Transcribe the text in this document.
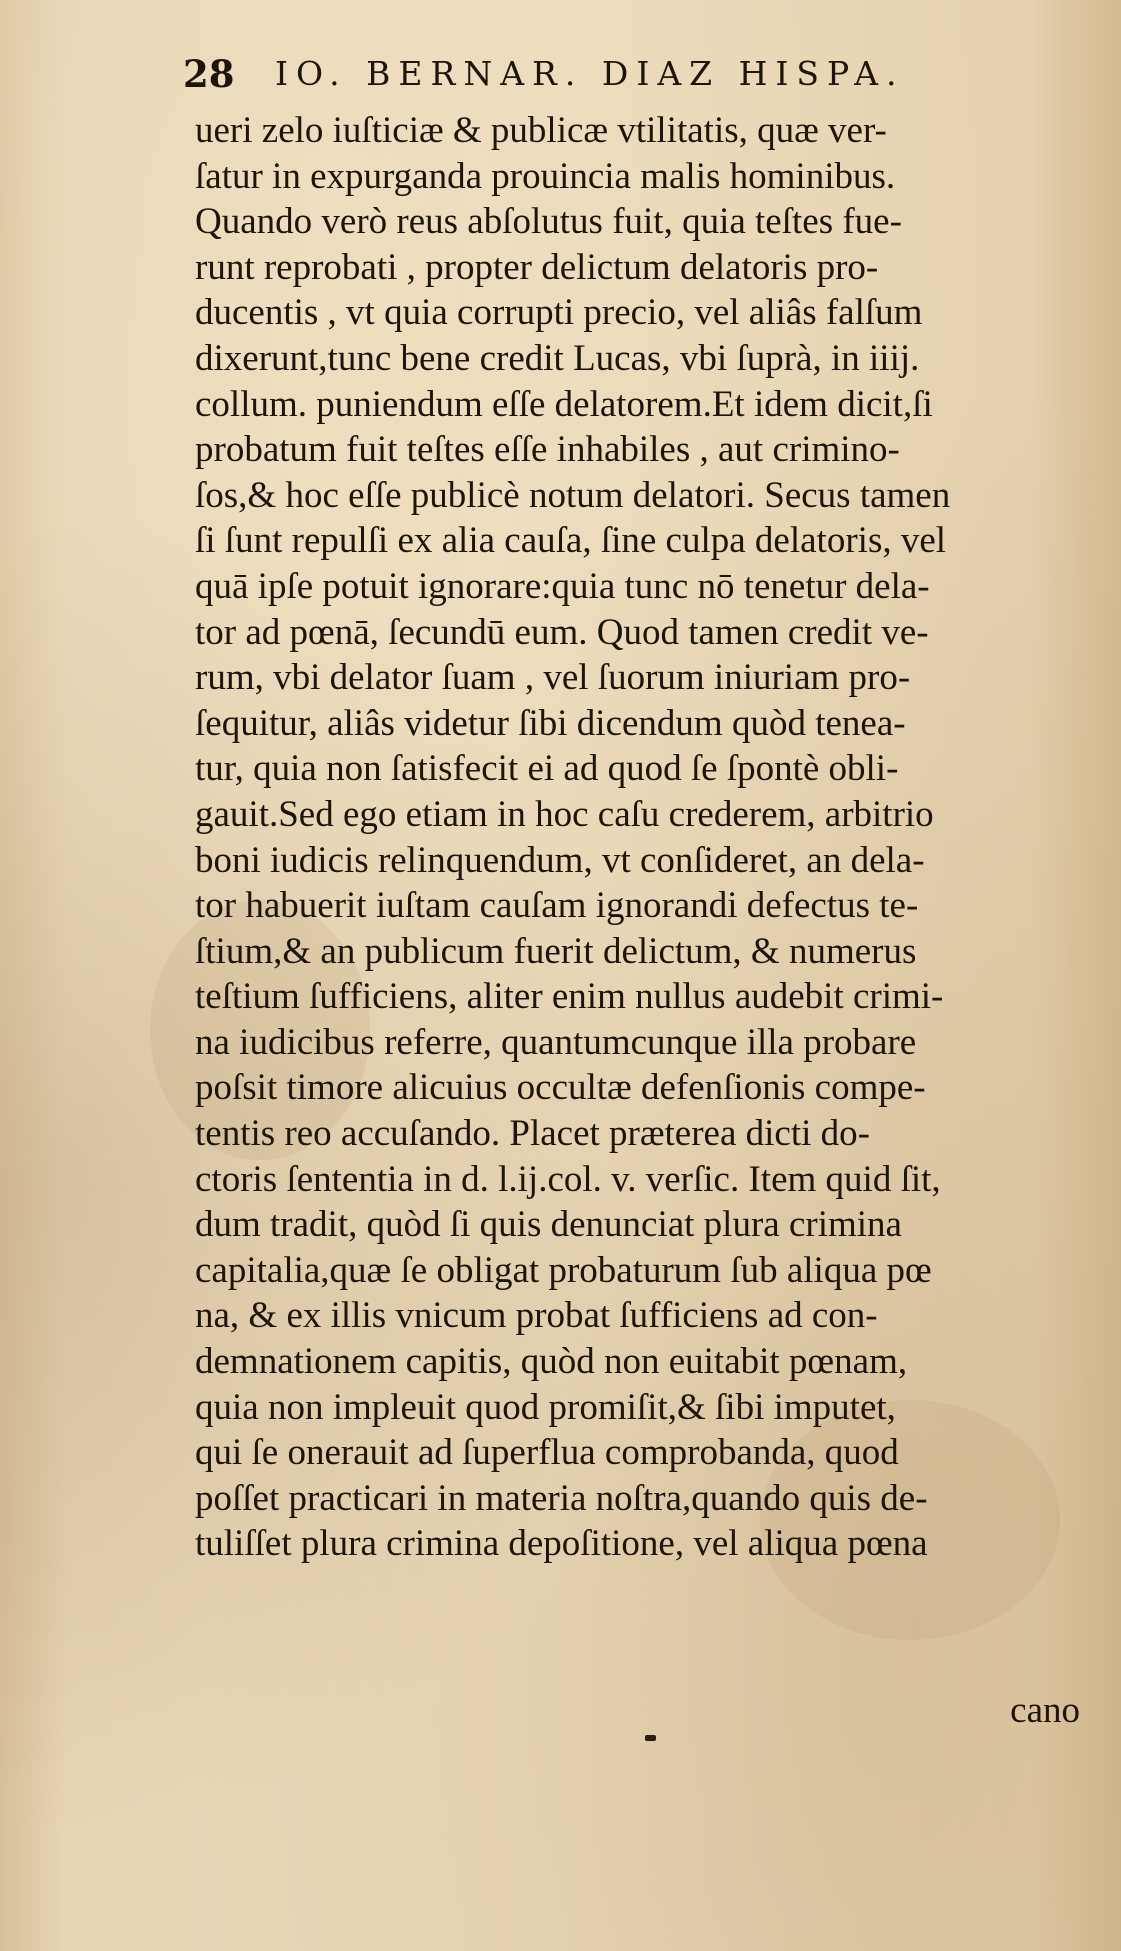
28 IO. BERNAR. DIAZ HISPA.
ueri zelo iuſticiæ & publicæ vtilitatis, quæ ver-
ſatur in expurganda prouincia malis hominibus.
Quando verò reus abſolutus fuit, quia teſtes fue-
runt reprobati , propter delictum delatoris pro-
ducentis , vt quia corrupti precio, vel aliâs falſum
dixerunt,tunc bene credit Lucas, vbi ſuprà, in iiij.
collum. puniendum eſſe delatorem.Et idem dicit,ſi
probatum fuit teſtes eſſe inhabiles , aut crimino-
ſos,& hoc eſſe publicè notum delatori. Secus tamen
ſi ſunt repulſi ex alia cauſa, ſine culpa delatoris, vel
quā ipſe potuit ignorare:quia tunc nō tenetur dela-
tor ad pœnā, ſecundū eum. Quod tamen credit ve-
rum, vbi delator ſuam , vel ſuorum iniuriam pro-
ſequitur, aliâs videtur ſibi dicendum quòd tenea-
tur, quia non ſatisfecit ei ad quod ſe ſpontè obli-
gauit.Sed ego etiam in hoc caſu crederem, arbitrio
boni iudicis relinquendum, vt conſideret, an dela-
tor habuerit iuſtam cauſam ignorandi defectus te-
ſtium,& an publicum fuerit delictum, & numerus
teſtium ſufficiens, aliter enim nullus audebit crimi-
na iudicibus referre, quantumcunque illa probare
poſsit timore alicuius occultæ defenſionis compe-
tentis reo accuſando. Placet præterea dicti do-
ctoris ſententia in d. l.ij.col. v. verſic. Item quid ſit,
dum tradit, quòd ſi quis denunciat plura crimina
capitalia,quæ ſe obligat probaturum ſub aliqua pœ
na, & ex illis vnicum probat ſufficiens ad con-
demnationem capitis, quòd non euitabit pœnam,
quia non impleuit quod promiſit,& ſibi imputet,
qui ſe onerauit ad ſuperflua comprobanda, quod
poſſet practicari in materia noſtra,quando quis de-
tuliſſet plura crimina depoſitione, vel aliqua pœna
cano
